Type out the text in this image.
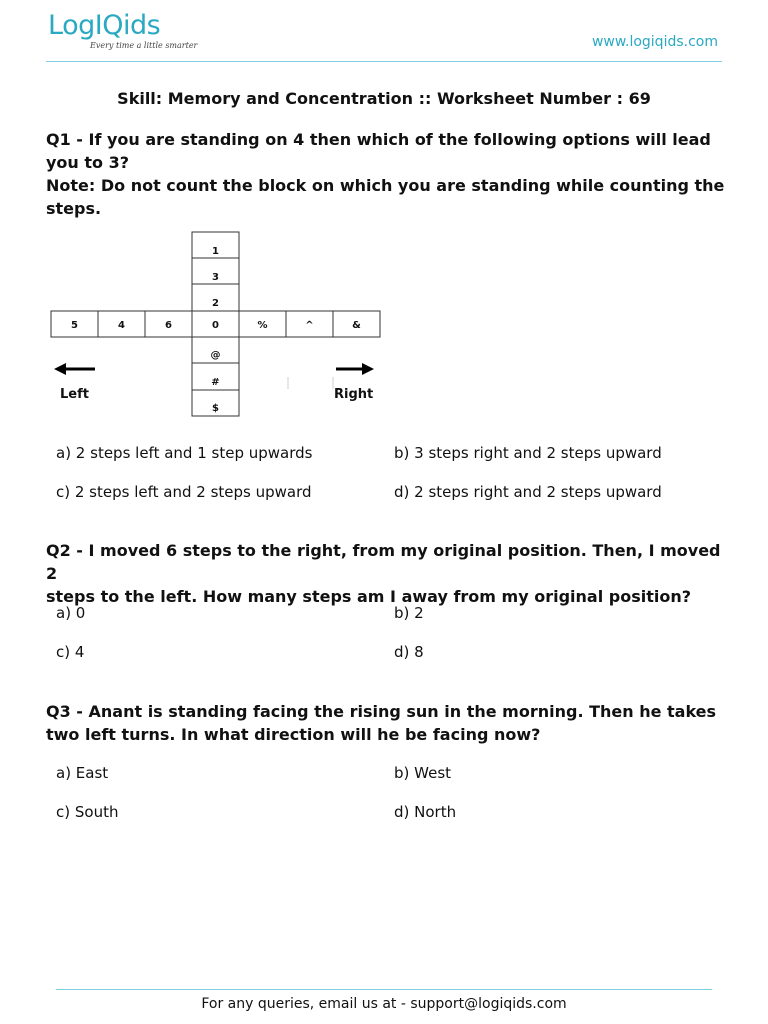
LogIQids
Every time a little smarter	www.logiqids.com
Skill: Memory and Concentration :: Worksheet Number : 69

Q1 - If you are standing on 4 then which of the following options will lead

you to 3?

Note: Do not count the block on which you are standing while counting the

steps.

1
3
2
5	4	6	0	%	^	&
@
#
$
Left	Right
a) 2 steps left and 1 step upwards	b) 3 steps right and 2 steps upward
c) 2 steps left and 2 steps upward	d) 2 steps right and 2 steps upward

Q2 - I moved 6 steps to the right, from my original position. Then, I moved 2

steps to the left. How many steps am I away from my original position?

a) 0	b) 2
c) 4	d) 8

Q3 - Anant is standing facing the rising sun in the morning. Then he takes

two left turns. In what direction will he be facing now?

a) East	b) West
c) South	d) North
For any queries, email us at - support@logiqids.com
